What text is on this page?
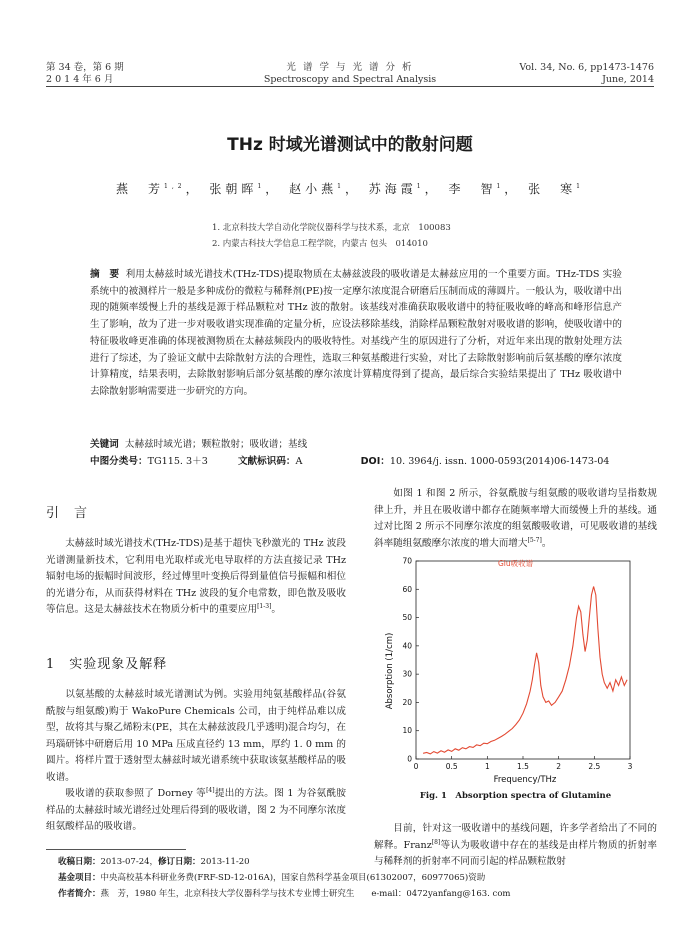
第 34 卷，第 6 期
2 0 1 4 年 6 月
光 谱 学 与 光 谱 分 析
Spectroscopy and Spectral Analysis
Vol. 34, No. 6, pp1473-1476
June, 2014
THz 时域光谱测试中的散射问题
燕　芳$^{1,2}$， 张朝晖$^1$， 赵小燕$^1$， 苏海霞$^1$， 李　智$^1$， 张　寒$^1$
1. 北京科技大学自动化学院仪器科学与技术系，北京　100083
2. 内蒙古科技大学信息工程学院，内蒙古 包头　014010
摘　要 利用太赫兹时域光谱技术(THz-TDS)提取物质在太赫兹波段的吸收谱是太赫兹应用的一个重要方面。THz-TDS 实验系统中的被测样片一般是多种成份的微粒与稀释剂(PE)按一定摩尔浓度混合研磨后压制而成的薄圆片。一般认为，吸收谱中出现的随频率缓慢上升的基线是源于样品颗粒对 THz 波的散射。该基线对准确获取吸收谱中的特征吸收峰的峰高和峰形信息产生了影响，故为了进一步对吸收谱实现准确的定量分析，应设法移除基线，消除样品颗粒散射对吸收谱的影响，使吸收谱中的特征吸收峰更准确的体现被测物质在太赫兹频段内的吸收特性。对基线产生的原因进行了分析，对近年来出现的散射处理方法进行了综述，为了验证文献中去除散射方法的合理性，选取三种氨基酸进行实验，对比了去除散射影响前后氨基酸的摩尔浓度计算精度，结果表明，去除散射影响后部分氨基酸的摩尔浓度计算精度得到了提高，最后综合实验结果提出了 THz 吸收谱中去除散射影响需要进一步研究的方向。
关键词 太赫兹时域光谱；颗粒散射；吸收谱；基线
中图分类号：TG115. 3＋3	文献标识码：A	DOI：10. 3964/j. issn. 1000-0593(2014)06-1473-04
引　言

太赫兹时域光谱技术(THz-TDS)是基于超快飞秒激光的 THz 波段光谱测量新技术，它利用电光取样或光电导取样的方法直接记录 THz 辐射电场的振幅时间波形，经过傅里叶变换后得到量值信号振幅和相位的光谱分布，从而获得材料在 THz 波段的复介电常数，即色散及吸收等信息。这是太赫兹技术在物质分析中的重要应用[1-3]。

1　实验现象及解释

以氨基酸的太赫兹时域光谱测试为例。实验用纯氨基酸样品(谷氨酰胺与组氨酸)购于 WakoPure Chemicals 公司，由于纯样品难以成型，故将其与聚乙烯粉末(PE，其在太赫兹波段几乎透明)混合均匀，在玛瑙研钵中研磨后用 10 MPa 压成直径约 13 mm，厚约 1. 0 mm 的圆片。将样片置于透射型太赫兹时域光谱系统中获取该氨基酸样品的吸收谱。

吸收谱的获取参照了 Dorney 等[4]提出的方法。图 1 为谷氨酰胺样品的太赫兹时域光谱经过处理后得到的吸收谱，图 2 为不同摩尔浓度组氨酸样品的吸收谱。

如图 1 和图 2 所示，谷氨酰胺与组氨酸的吸收谱均呈指数规律上升，并且在吸收谱中都存在随频率增大而缓慢上升的基线。通过对比图 2 所示不同摩尔浓度的组氨酸吸收谱，可见吸收谱的基线斜率随组氨酸摩尔浓度的增大而增大[5-7]。

0
10
20
30
40
50
60
70
0	0.5	1	1.5	2	2.5	3
Glu吸收谱
Absorption (1/cm)
Frequency/THz
Fig. 1　Absorption spectra of Glutamine

目前，针对这一吸收谱中的基线问题，许多学者给出了不同的解释。Franz[8]等认为吸收谱中存在的基线是由样片物质的折射率与稀释剂的折射率不同而引起的样品颗粒散射

收稿日期：2013-07-24，修订日期：2013-11-20
基金项目：中央高校基本科研业务费(FRF-SD-12-016A)，国家自然科学基金项目(61302007，60977065)资助
作者简介：燕　芳，1980 年生，北京科技大学仪器科学与技术专业博士研究生　　e-mail：0472yanfang@163. com
